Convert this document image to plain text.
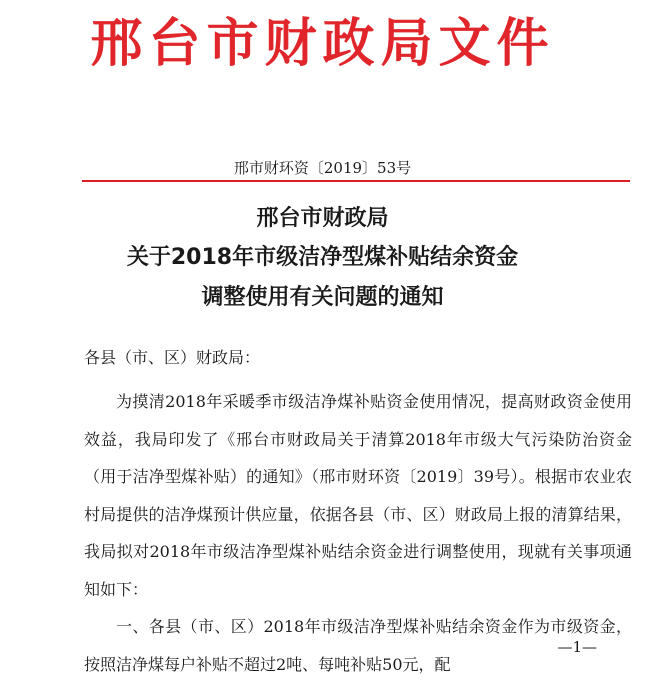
邢台市财政局文件
邢市财环资〔2019〕53号
邢台市财政局
关于2018年市级洁净型煤补贴结余资金
调整使用有关问题的通知
各县（市、区）财政局：

为摸清2018年采暖季市级洁净煤补贴资金使用情况，提高财政资金使用效益，我局印发了《邢台市财政局关于清算2018年市级大气污染防治资金（用于洁净型煤补贴）的通知》（邢市财环资〔2019〕39号）。根据市农业农村局提供的洁净煤预计供应量，依据各县（市、区）财政局上报的清算结果，我局拟对2018年市级洁净型煤补贴结余资金进行调整使用，现就有关事项通知如下：

一、各县（市、区）2018年市级洁净型煤补贴结余资金作为市级资金，按照洁净煤每户补贴不超过2吨、每吨补贴50元，配

—1—
